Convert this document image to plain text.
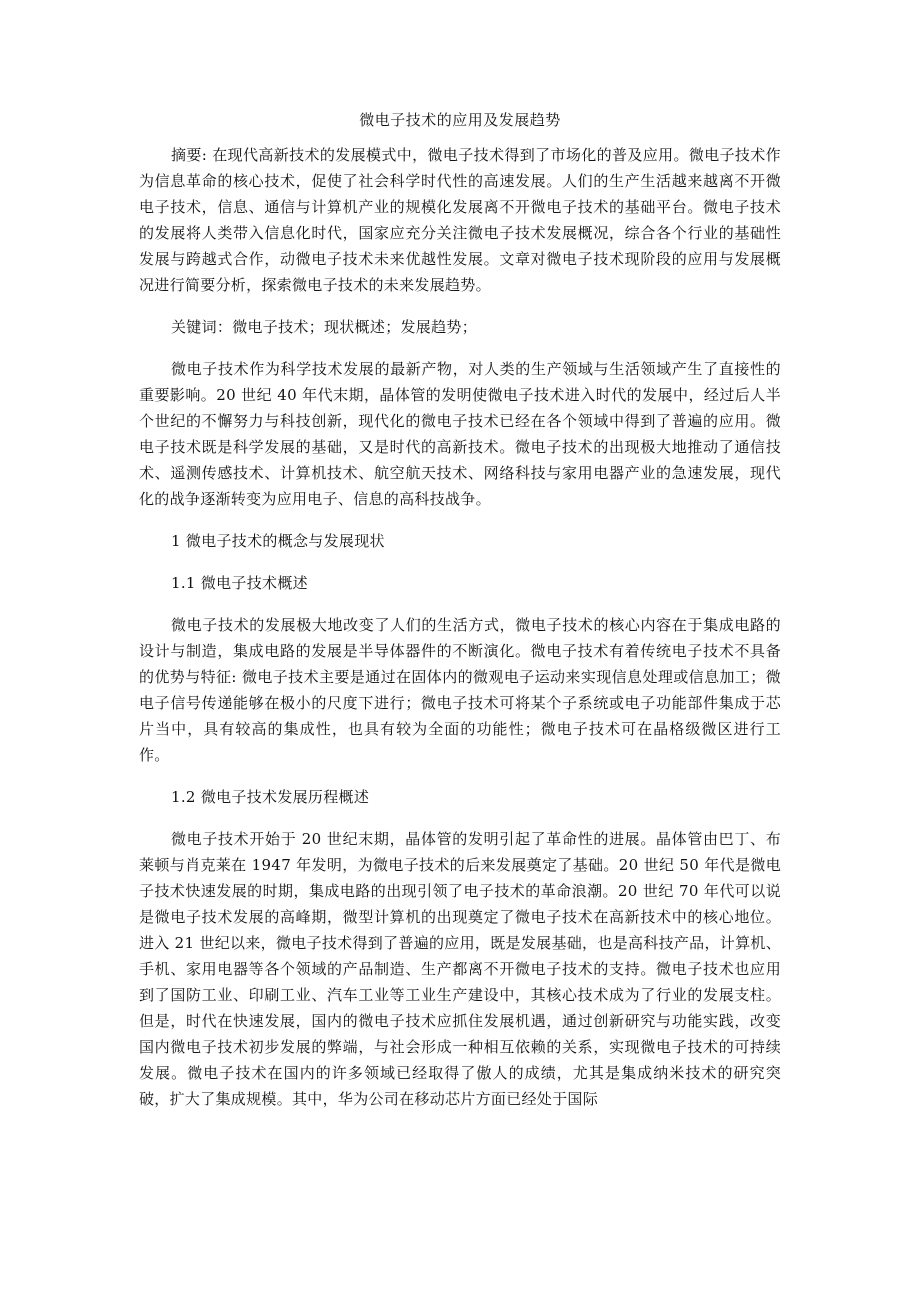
微电子技术的应用及发展趋势

摘要: 在现代高新技术的发展模式中，微电子技术得到了市场化的普及应用。微电子技术作为信息革命的核心技术，促使了社会科学时代性的高速发展。人们的生产生活越来越离不开微电子技术，信息、通信与计算机产业的规模化发展离不开微电子技术的基础平台。微电子技术的发展将人类带入信息化时代，国家应充分关注微电子技术发展概况，综合各个行业的基础性发展与跨越式合作，动微电子技术未来优越性发展。文章对微电子技术现阶段的应用与发展概况进行简要分析，探索微电子技术的未来发展趋势。

关键词：微电子技术；现状概述；发展趋势；

微电子技术作为科学技术发展的最新产物，对人类的生产领域与生活领域产生了直接性的重要影响。20 世纪 40 年代末期，晶体管的发明使微电子技术进入时代的发展中，经过后人半个世纪的不懈努力与科技创新，现代化的微电子技术已经在各个领域中得到了普遍的应用。微电子技术既是科学发展的基础，又是时代的高新技术。微电子技术的出现极大地推动了通信技术、遥测传感技术、计算机技术、航空航天技术、网络科技与家用电器产业的急速发展，现代化的战争逐渐转变为应用电子、信息的高科技战争。

1 微电子技术的概念与发展现状

1.1 微电子技术概述

微电子技术的发展极大地改变了人们的生活方式，微电子技术的核心内容在于集成电路的设计与制造，集成电路的发展是半导体器件的不断演化。微电子技术有着传统电子技术不具备的优势与特征: 微电子技术主要是通过在固体内的微观电子运动来实现信息处理或信息加工；微电子信号传递能够在极小的尺度下进行；微电子技术可将某个子系统或电子功能部件集成于芯片当中，具有较高的集成性，也具有较为全面的功能性；微电子技术可在晶格级微区进行工作。

1.2 微电子技术发展历程概述

微电子技术开始于 20 世纪末期，晶体管的发明引起了革命性的进展。晶体管由巴丁、布莱顿与肖克莱在 1947 年发明，为微电子技术的后来发展奠定了基础。20 世纪 50 年代是微电子技术快速发展的时期，集成电路的出现引领了电子技术的革命浪潮。20 世纪 70 年代可以说是微电子技术发展的高峰期，微型计算机的出现奠定了微电子技术在高新技术中的核心地位。进入 21 世纪以来，微电子技术得到了普遍的应用，既是发展基础，也是高科技产品，计算机、手机、家用电器等各个领域的产品制造、生产都离不开微电子技术的支持。微电子技术也应用到了国防工业、印刷工业、汽车工业等工业生产建设中，其核心技术成为了行业的发展支柱。但是，时代在快速发展，国内的微电子技术应抓住发展机遇，通过创新研究与功能实践，改变国内微电子技术初步发展的弊端，与社会形成一种相互依赖的关系，实现微电子技术的可持续发展。微电子技术在国内的许多领域已经取得了傲人的成绩，尤其是集成纳米技术的研究突破，扩大了集成规模。其中，华为公司在移动芯片方面已经处于国际
